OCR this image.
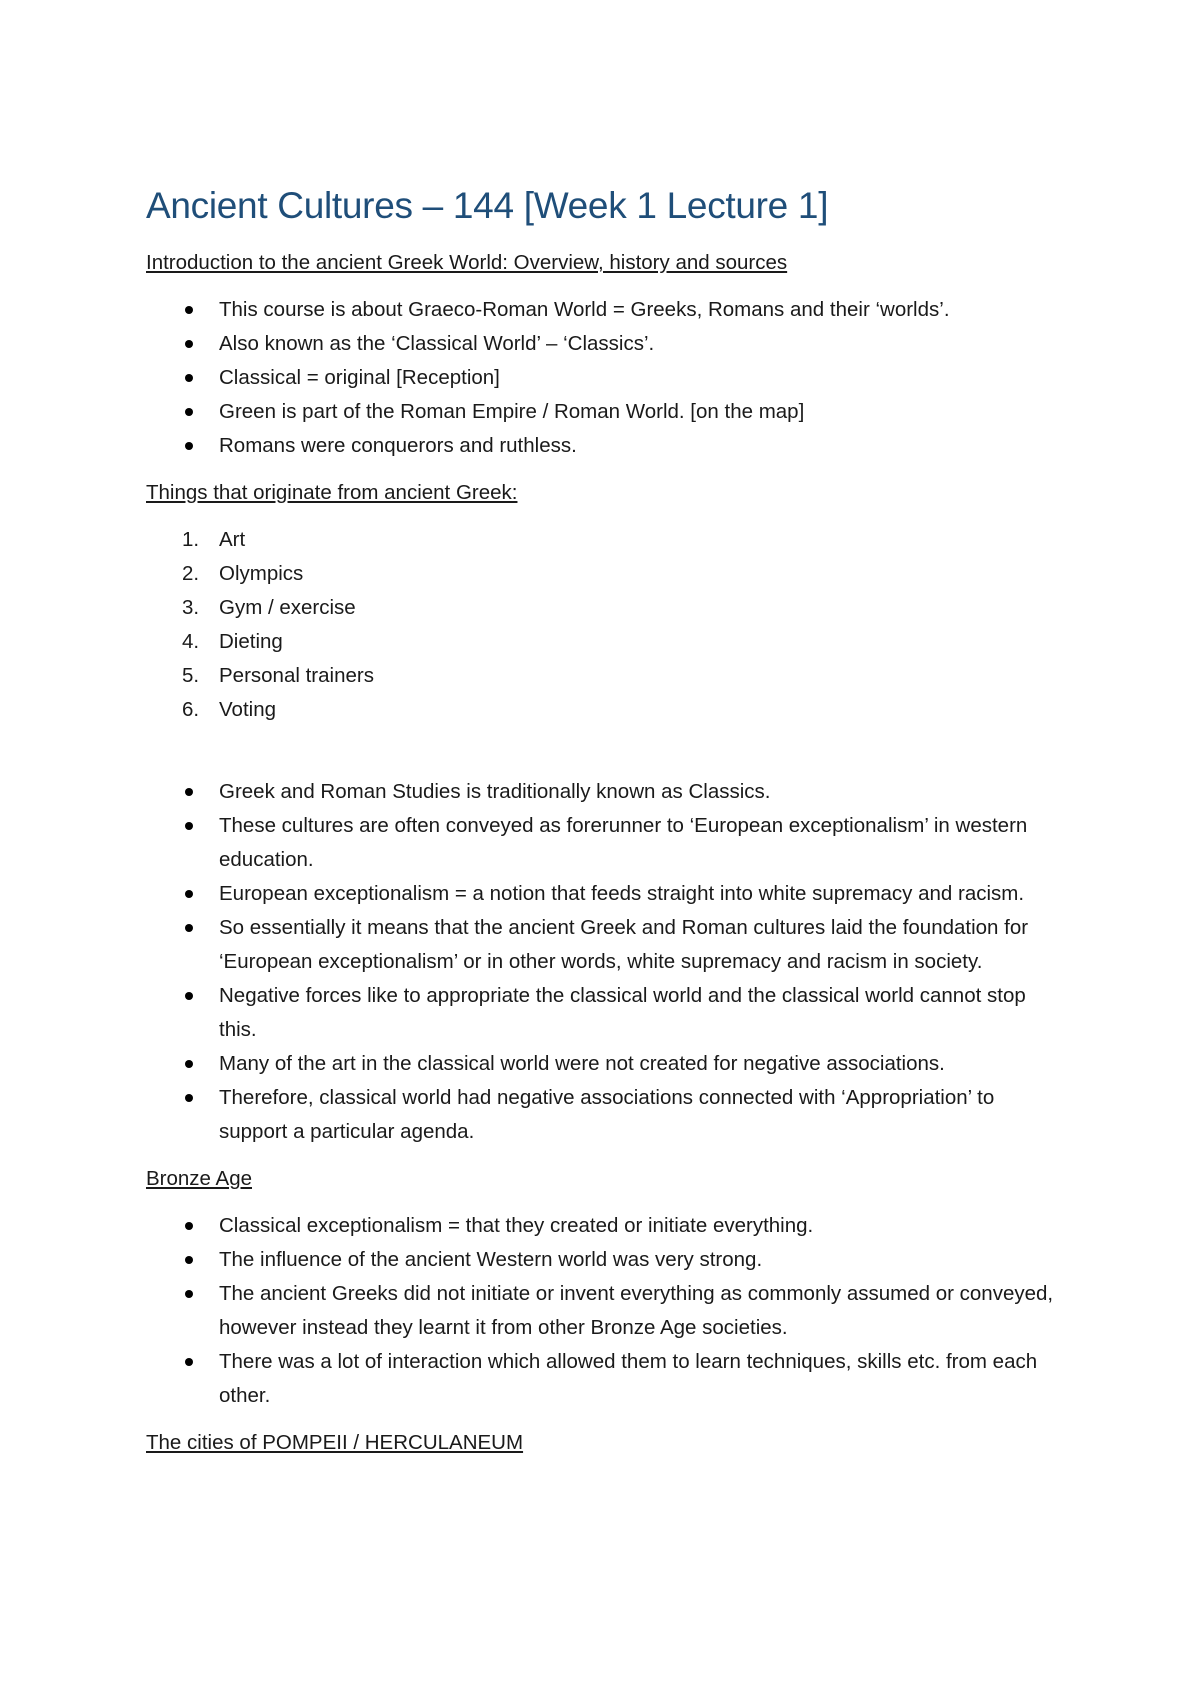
Ancient Cultures – 144 [Week 1 Lecture 1]
Introduction to the ancient Greek World: Overview, history and sources
This course is about Graeco-Roman World = Greeks, Romans and their ‘worlds’.
Also known as the ‘Classical World’ – ‘Classics’.
Classical = original [Reception]
Green is part of the Roman Empire / Roman World. [on the map]
Romans were conquerors and ruthless.
Things that originate from ancient Greek:
1. Art
2. Olympics
3. Gym / exercise
4. Dieting
5. Personal trainers
6. Voting
Greek and Roman Studies is traditionally known as Classics.
These cultures are often conveyed as forerunner to ‘European exceptionalism’ in western education.
European exceptionalism = a notion that feeds straight into white supremacy and racism.
So essentially it means that the ancient Greek and Roman cultures laid the foundation for ‘European exceptionalism’ or in other words, white supremacy and racism in society.
Negative forces like to appropriate the classical world and the classical world cannot stop this.
Many of the art in the classical world were not created for negative associations.
Therefore, classical world had negative associations connected with ‘Appropriation’ to support a particular agenda.
Bronze Age
Classical exceptionalism = that they created or initiate everything.
The influence of the ancient Western world was very strong.
The ancient Greeks did not initiate or invent everything as commonly assumed or conveyed, however instead they learnt it from other Bronze Age societies.
There was a lot of interaction which allowed them to learn techniques, skills etc. from each other.
The cities of POMPEII / HERCULANEUM
